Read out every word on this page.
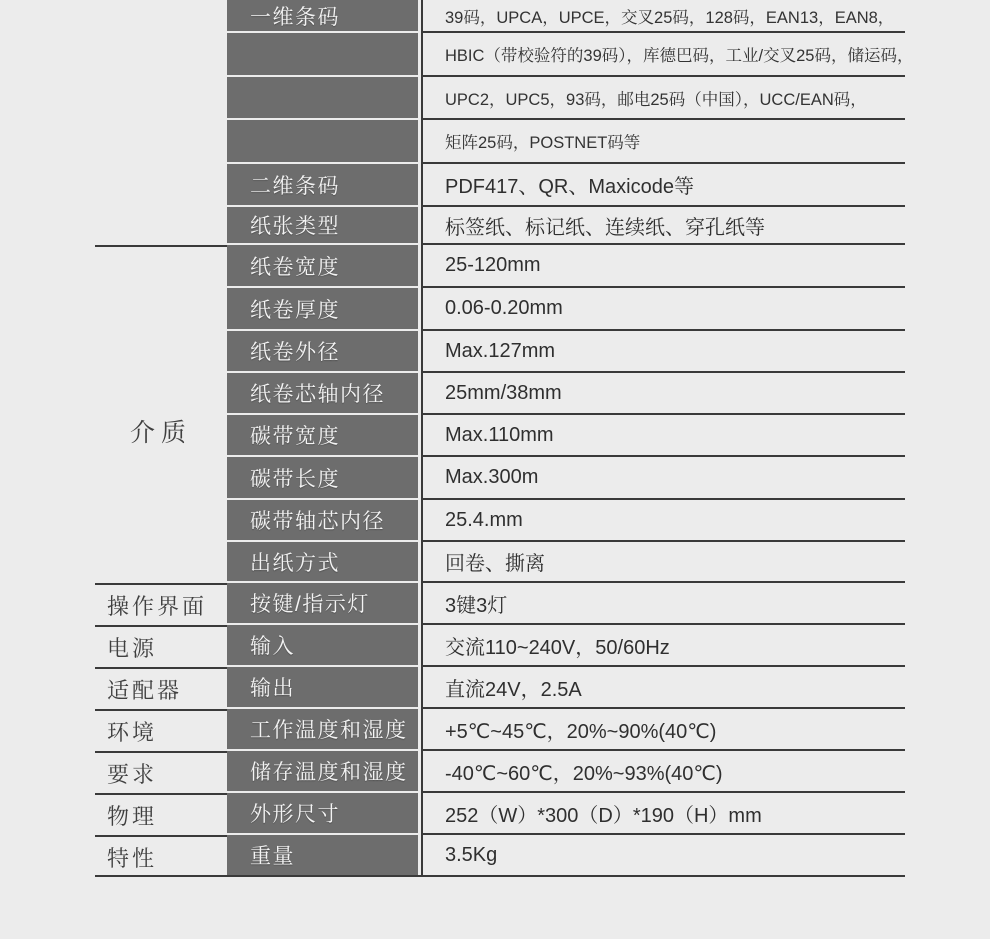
介质
操作界面
电源
适配器
环境
要求
物理
特性
一维条码
二维条码
纸张类型
纸卷宽度
纸卷厚度
纸卷外径
纸卷芯轴内径
碳带宽度
碳带长度
碳带轴芯内径
出纸方式
按键/指示灯
输入
输出
工作温度和湿度
储存温度和湿度
外形尺寸
重量
39码，UPCA，UPCE，交叉25码，128码，EAN13，EAN8，
HBIC（带校验符的39码），库德巴码，工业/交叉25码，储运码，
UPC2，UPC5，93码，邮电25码（中国），UCC/EAN码，
矩阵25码，POSTNET码等
PDF417、QR、Maxicode等
标签纸、标记纸、连续纸、穿孔纸等
25-120mm
0.06-0.20mm
Max.127mm
25mm/38mm
Max.110mm
Max.300m
25.4.mm
回卷、撕离
3键3灯
交流110~240V，50/60Hz
直流24V，2.5A
+5℃~45℃，20%~90%(40℃)
-40℃~60℃，20%~93%(40℃)
252（W）*300（D）*190（H）mm
3.5Kg
